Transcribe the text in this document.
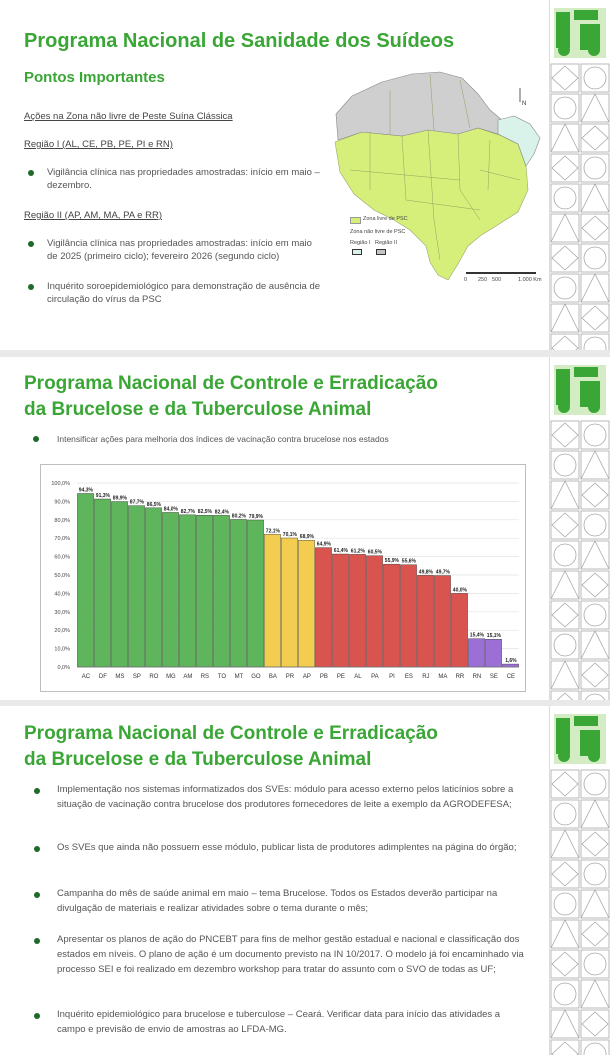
Programa Nacional de Sanidade dos Suídeos
Pontos Importantes

Ações na Zona não livre de Peste Suína Clássica

Região I (AL, CE, PB, PE, PI e RN)

Vigilância clínica nas propriedades amostradas: início em maio – dezembro.

Região II (AP, AM, MA, PA e RR)

Vigilância clínica nas propriedades amostradas: início em maio de 2025 (primeiro ciclo); fevereiro 2026 (segundo ciclo)
Inquérito soroepidemiológico para demonstração de ausência de circulação do vírus da PSC
N
Zona livre de PSC
Zona não livre de PSC
Região I Região II
0 250 500	1.000 Km
Programa Nacional de Controle e Erradicação
da Brucelose e da Tuberculose Animal
Intensificar ações para melhoria dos índices de vacinação contra brucelose nos estados
100,0%
90,0%
80,0%
70,0%
60,0%
50,0%
40,0%
30,0%
20,0%
10,0%
0,0%
94,3%
AC
91,3%
DF
89,9%
MS
87,7%
SP
86,5%
RO
84,0%
MG
82,7%
AM
82,5%
RS
82,4%
TO
80,2%
MT
79,9%
GO
72,1%
BA
70,1%
PR
68,9%
AP
64,9%
PB
61,4%
PE
61,2%
AL
60,5%
PA
55,9%
PI
55,6%
ES
49,8%
RJ
49,7%
MA
40,0%
RR
15,4%
RN
15,1%
SE
1,6%
CE
Programa Nacional de Controle e Erradicação
da Brucelose e da Tuberculose Animal
Implementação nos sistemas informatizados dos SVEs: módulo para acesso externo pelos laticínios sobre a situação de vacinação contra brucelose dos produtores fornecedores de leite a exemplo da AGRODEFESA;
Os SVEs que ainda não possuem esse módulo, publicar lista de produtores adimplentes na página do órgão;
Campanha do mês de saúde animal em maio – tema Brucelose. Todos os Estados deverão participar na divulgação de materiais e realizar atividades sobre o tema durante o mês;
Apresentar os planos de ação do PNCEBT para fins de melhor gestão estadual e nacional e classificação dos estados em níveis. O plano de ação é um documento previsto na IN 10/2017. O modelo já foi encaminhado via processo SEI e foi realizado em dezembro workshop para tratar do assunto com o SVO de todas as UF;
Inquérito epidemiológico para brucelose e tuberculose – Ceará. Verificar data para início das atividades a campo e previsão de envio de amostras ao LFDA-MG.
